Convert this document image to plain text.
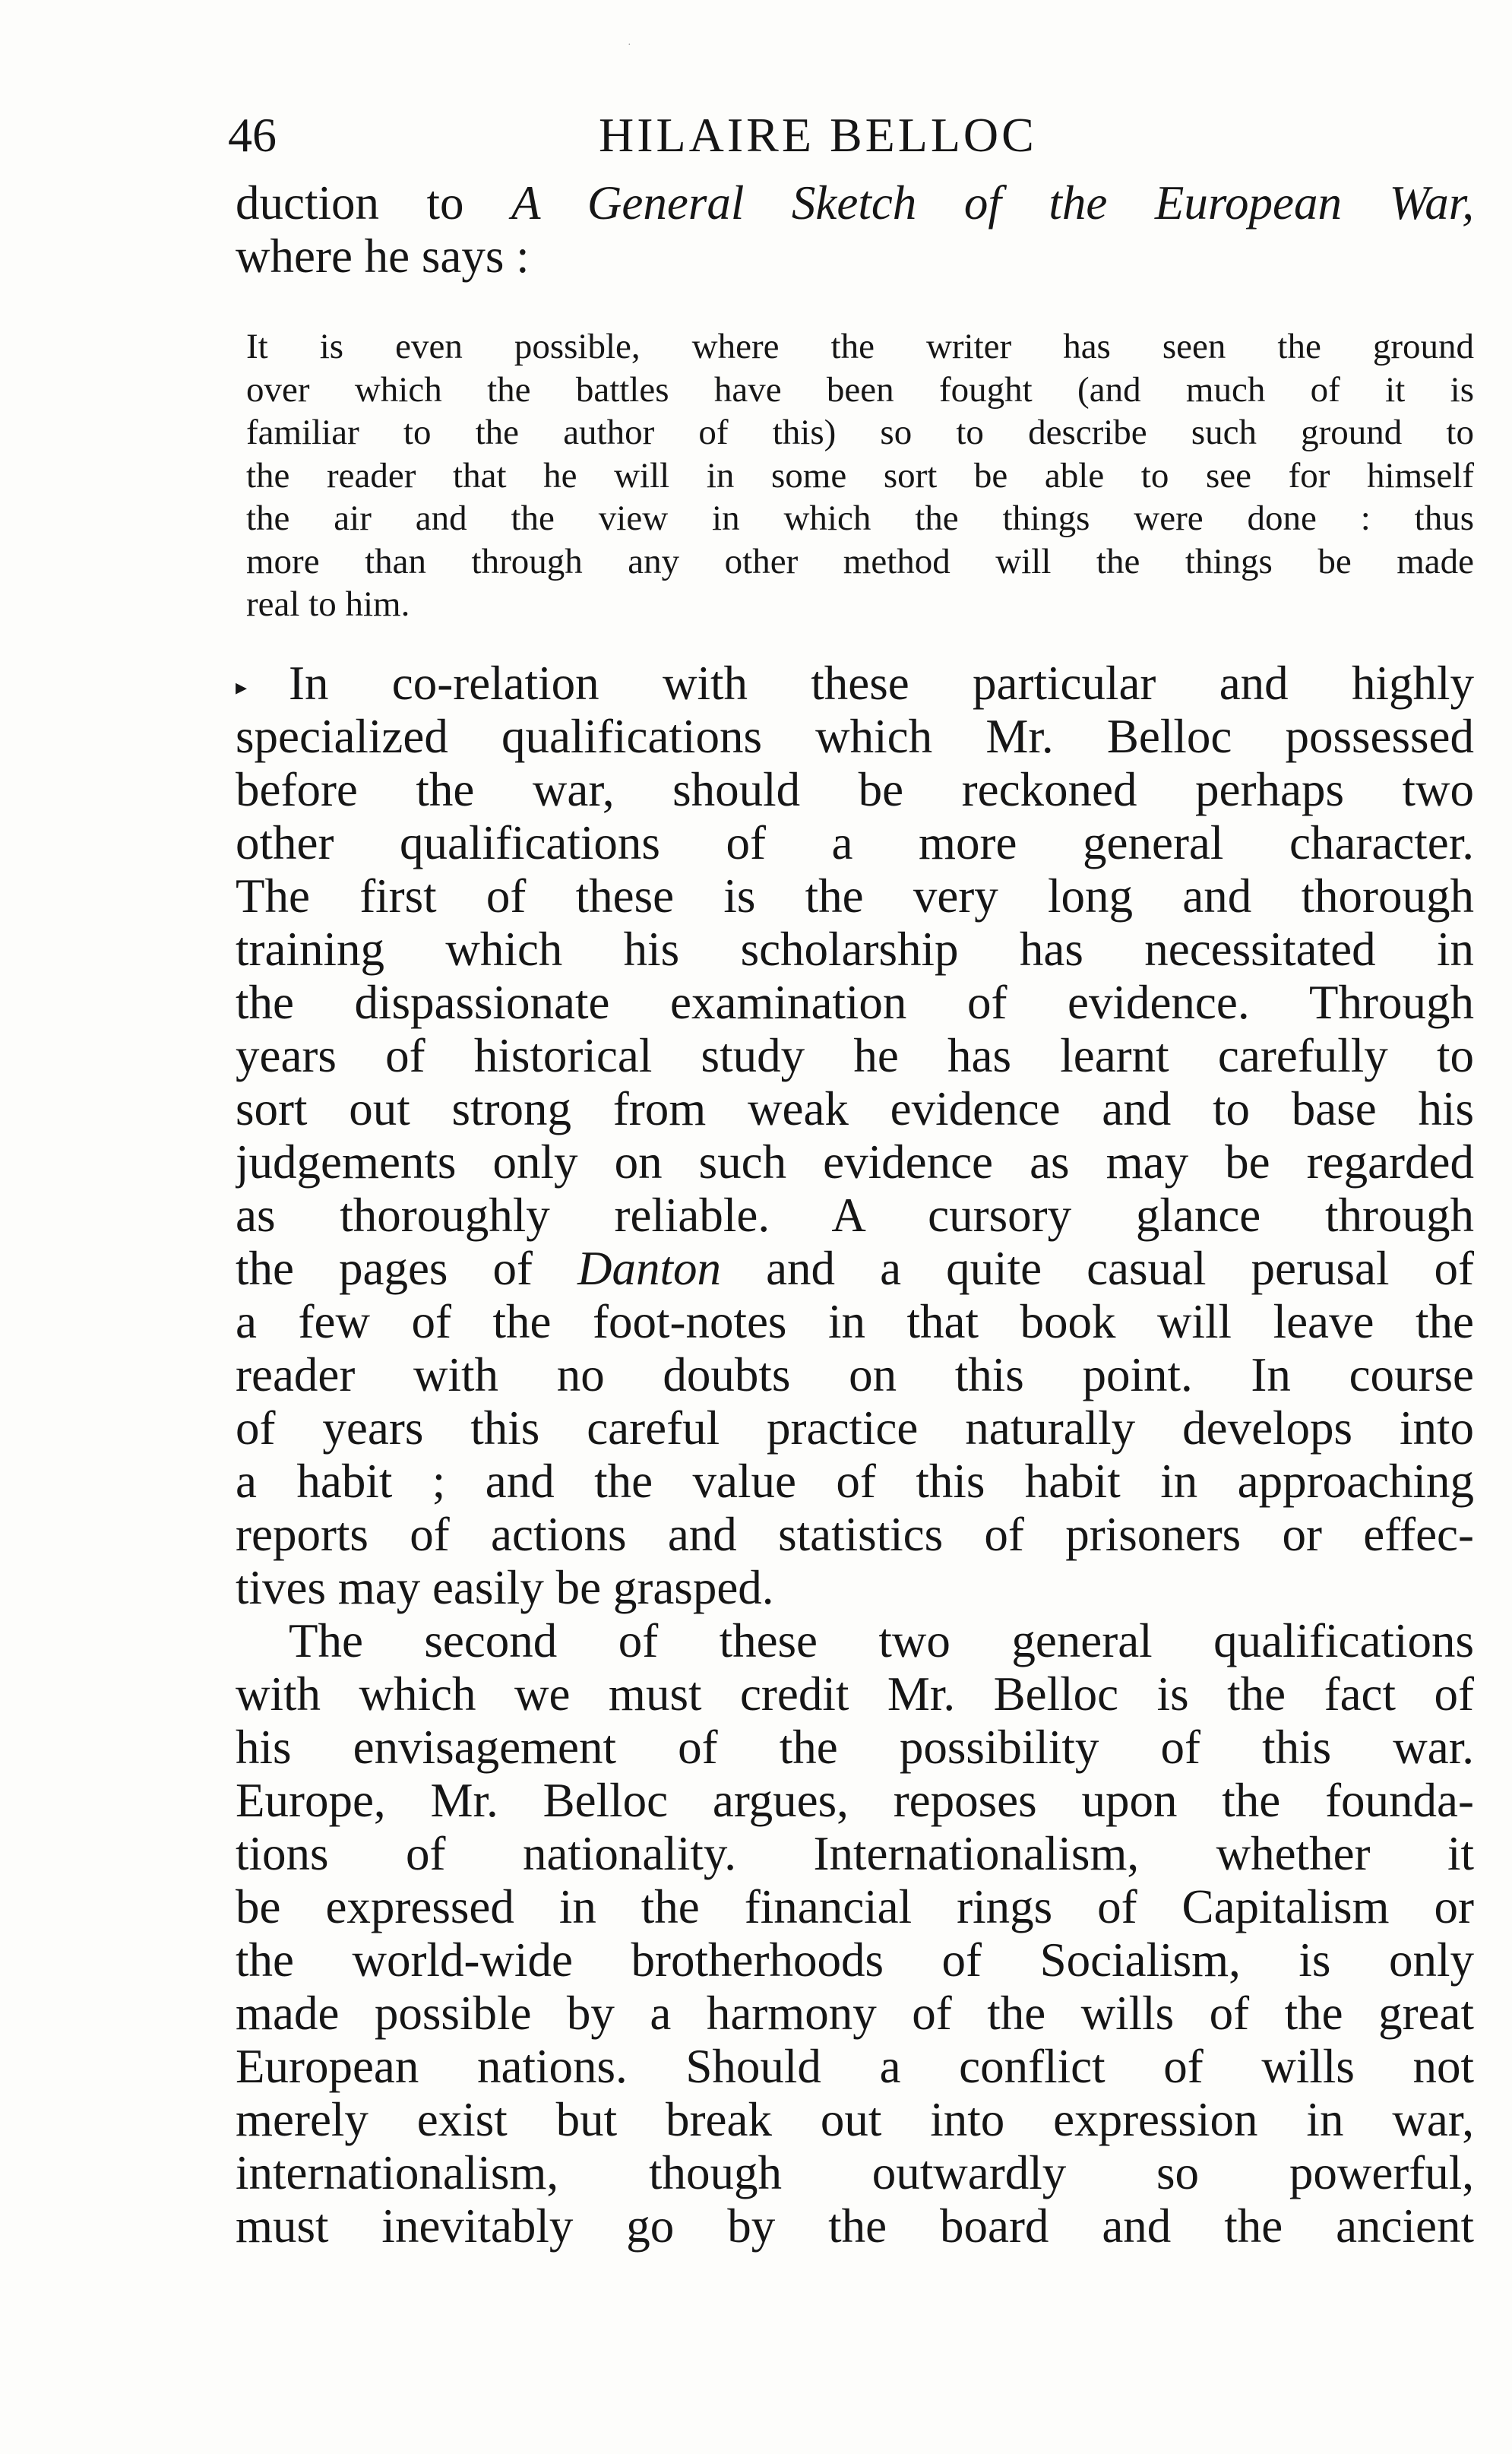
·
46	HILAIRE BELLOC
duction to A General Sketch of the European War,
where he says :
It is even possible, where the writer has seen the ground
over which the battles have been fought (and much of it is
familiar to the author of this) so to describe such ground to
the reader that he will in some sort be able to see for himself
the air and the view in which the things were done : thus
more than through any other method will the things be made
real to him.
▸ In co-relation with these particular and highly
specialized qualifications which Mr. Belloc possessed
before the war, should be reckoned perhaps two
other qualifications of a more general character.
The first of these is the very long and thorough
training which his scholarship has necessitated in
the dispassionate examination of evidence. Through
years of historical study he has learnt carefully to
sort out strong from weak evidence and to base his
judgements only on such evidence as may be regarded
as thoroughly reliable. A cursory glance through
the pages of Danton and a quite casual perusal of
a few of the foot-notes in that book will leave the
reader with no doubts on this point. In course
of years this careful practice naturally develops into
a habit ; and the value of this habit in approaching
reports of actions and statistics of prisoners or effec-
tives may easily be grasped.
The second of these two general qualifications
with which we must credit Mr. Belloc is the fact of
his envisagement of the possibility of this war.
Europe, Mr. Belloc argues, reposes upon the founda-
tions of nationality. Internationalism, whether it
be expressed in the financial rings of Capitalism or
the world-wide brotherhoods of Socialism, is only
made possible by a harmony of the wills of the great
European nations. Should a conflict of wills not
merely exist but break out into expression in war,
internationalism, though outwardly so powerful,
must inevitably go by the board and the ancient
